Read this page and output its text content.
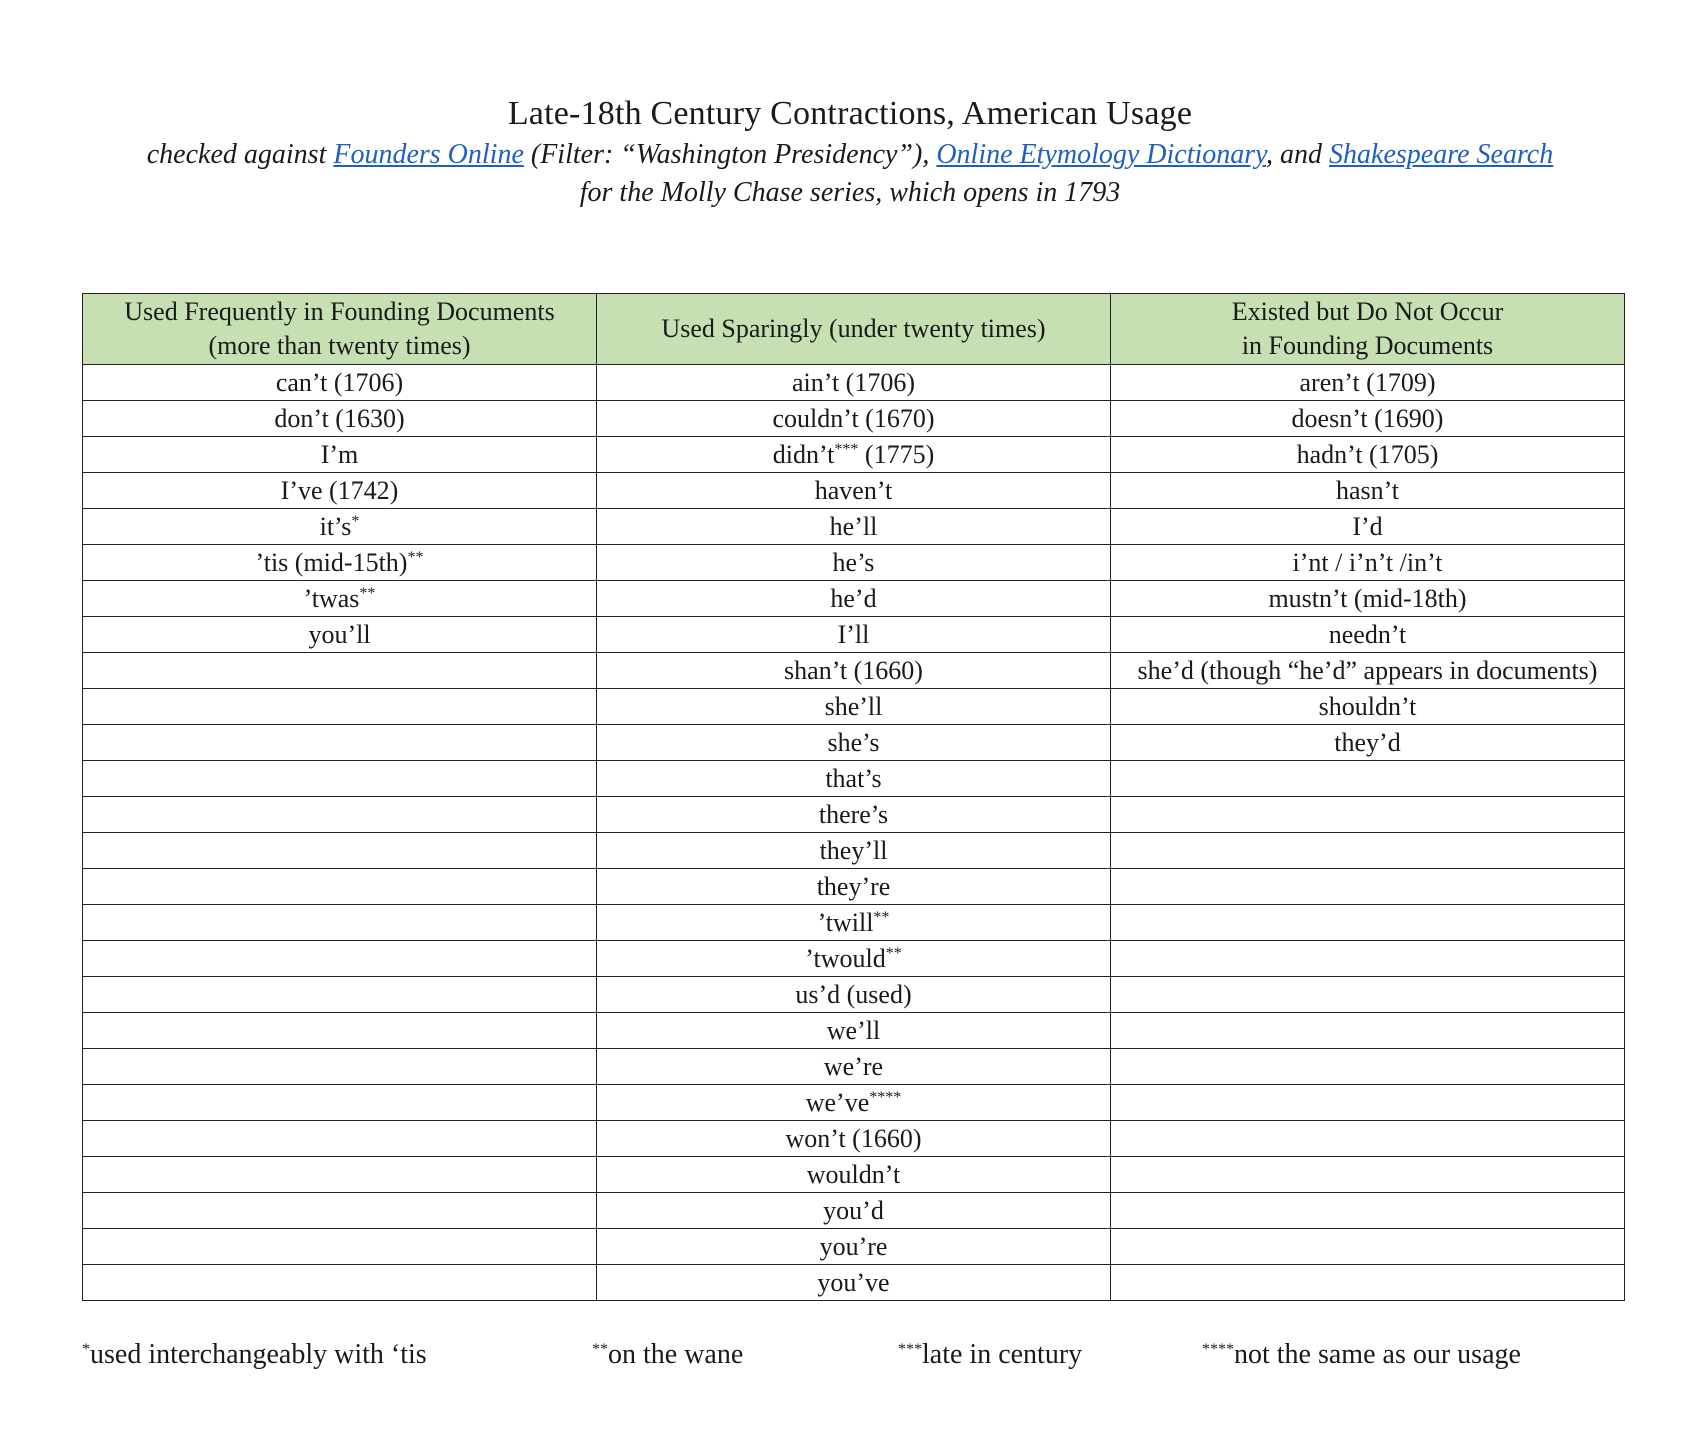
Late-18th Century Contractions, American Usage

checked against Founders Online (Filter: “Washington Presidency”), Online Etymology Dictionary, and Shakespeare Search

for the Molly Chase series, which opens in 1793

Used Frequently in Founding Documents
(more than twenty times)	Used Sparingly (under twenty times)	Existed but Do Not Occur
in Founding Documents
can’t (1706)	ain’t (1706)	aren’t (1709)
don’t (1630)	couldn’t (1670)	doesn’t (1690)
I’m	didn’t*** (1775)	hadn’t (1705)
I’ve (1742)	haven’t	hasn’t
it’s*	he’ll	I’d
’tis (mid-15th)**	he’s	i’nt / i’n’t /in’t
’twas**	he’d	mustn’t (mid-18th)
you’ll	I’ll	needn’t
	shan’t (1660)	she’d (though “he’d” appears in documents)
	she’ll	shouldn’t
	she’s	they’d
	that’s	
	there’s	
	they’ll	
	they’re	
	’twill**	
	’twould**	
	us’d (used)	
	we’ll	
	we’re	
	we’ve****	
	won’t (1660)	
	wouldn’t	
	you’d	
	you’re	
	you’ve	
*used interchangeably with ‘tis	**on the wane	***late in century	****not the same as our usage
